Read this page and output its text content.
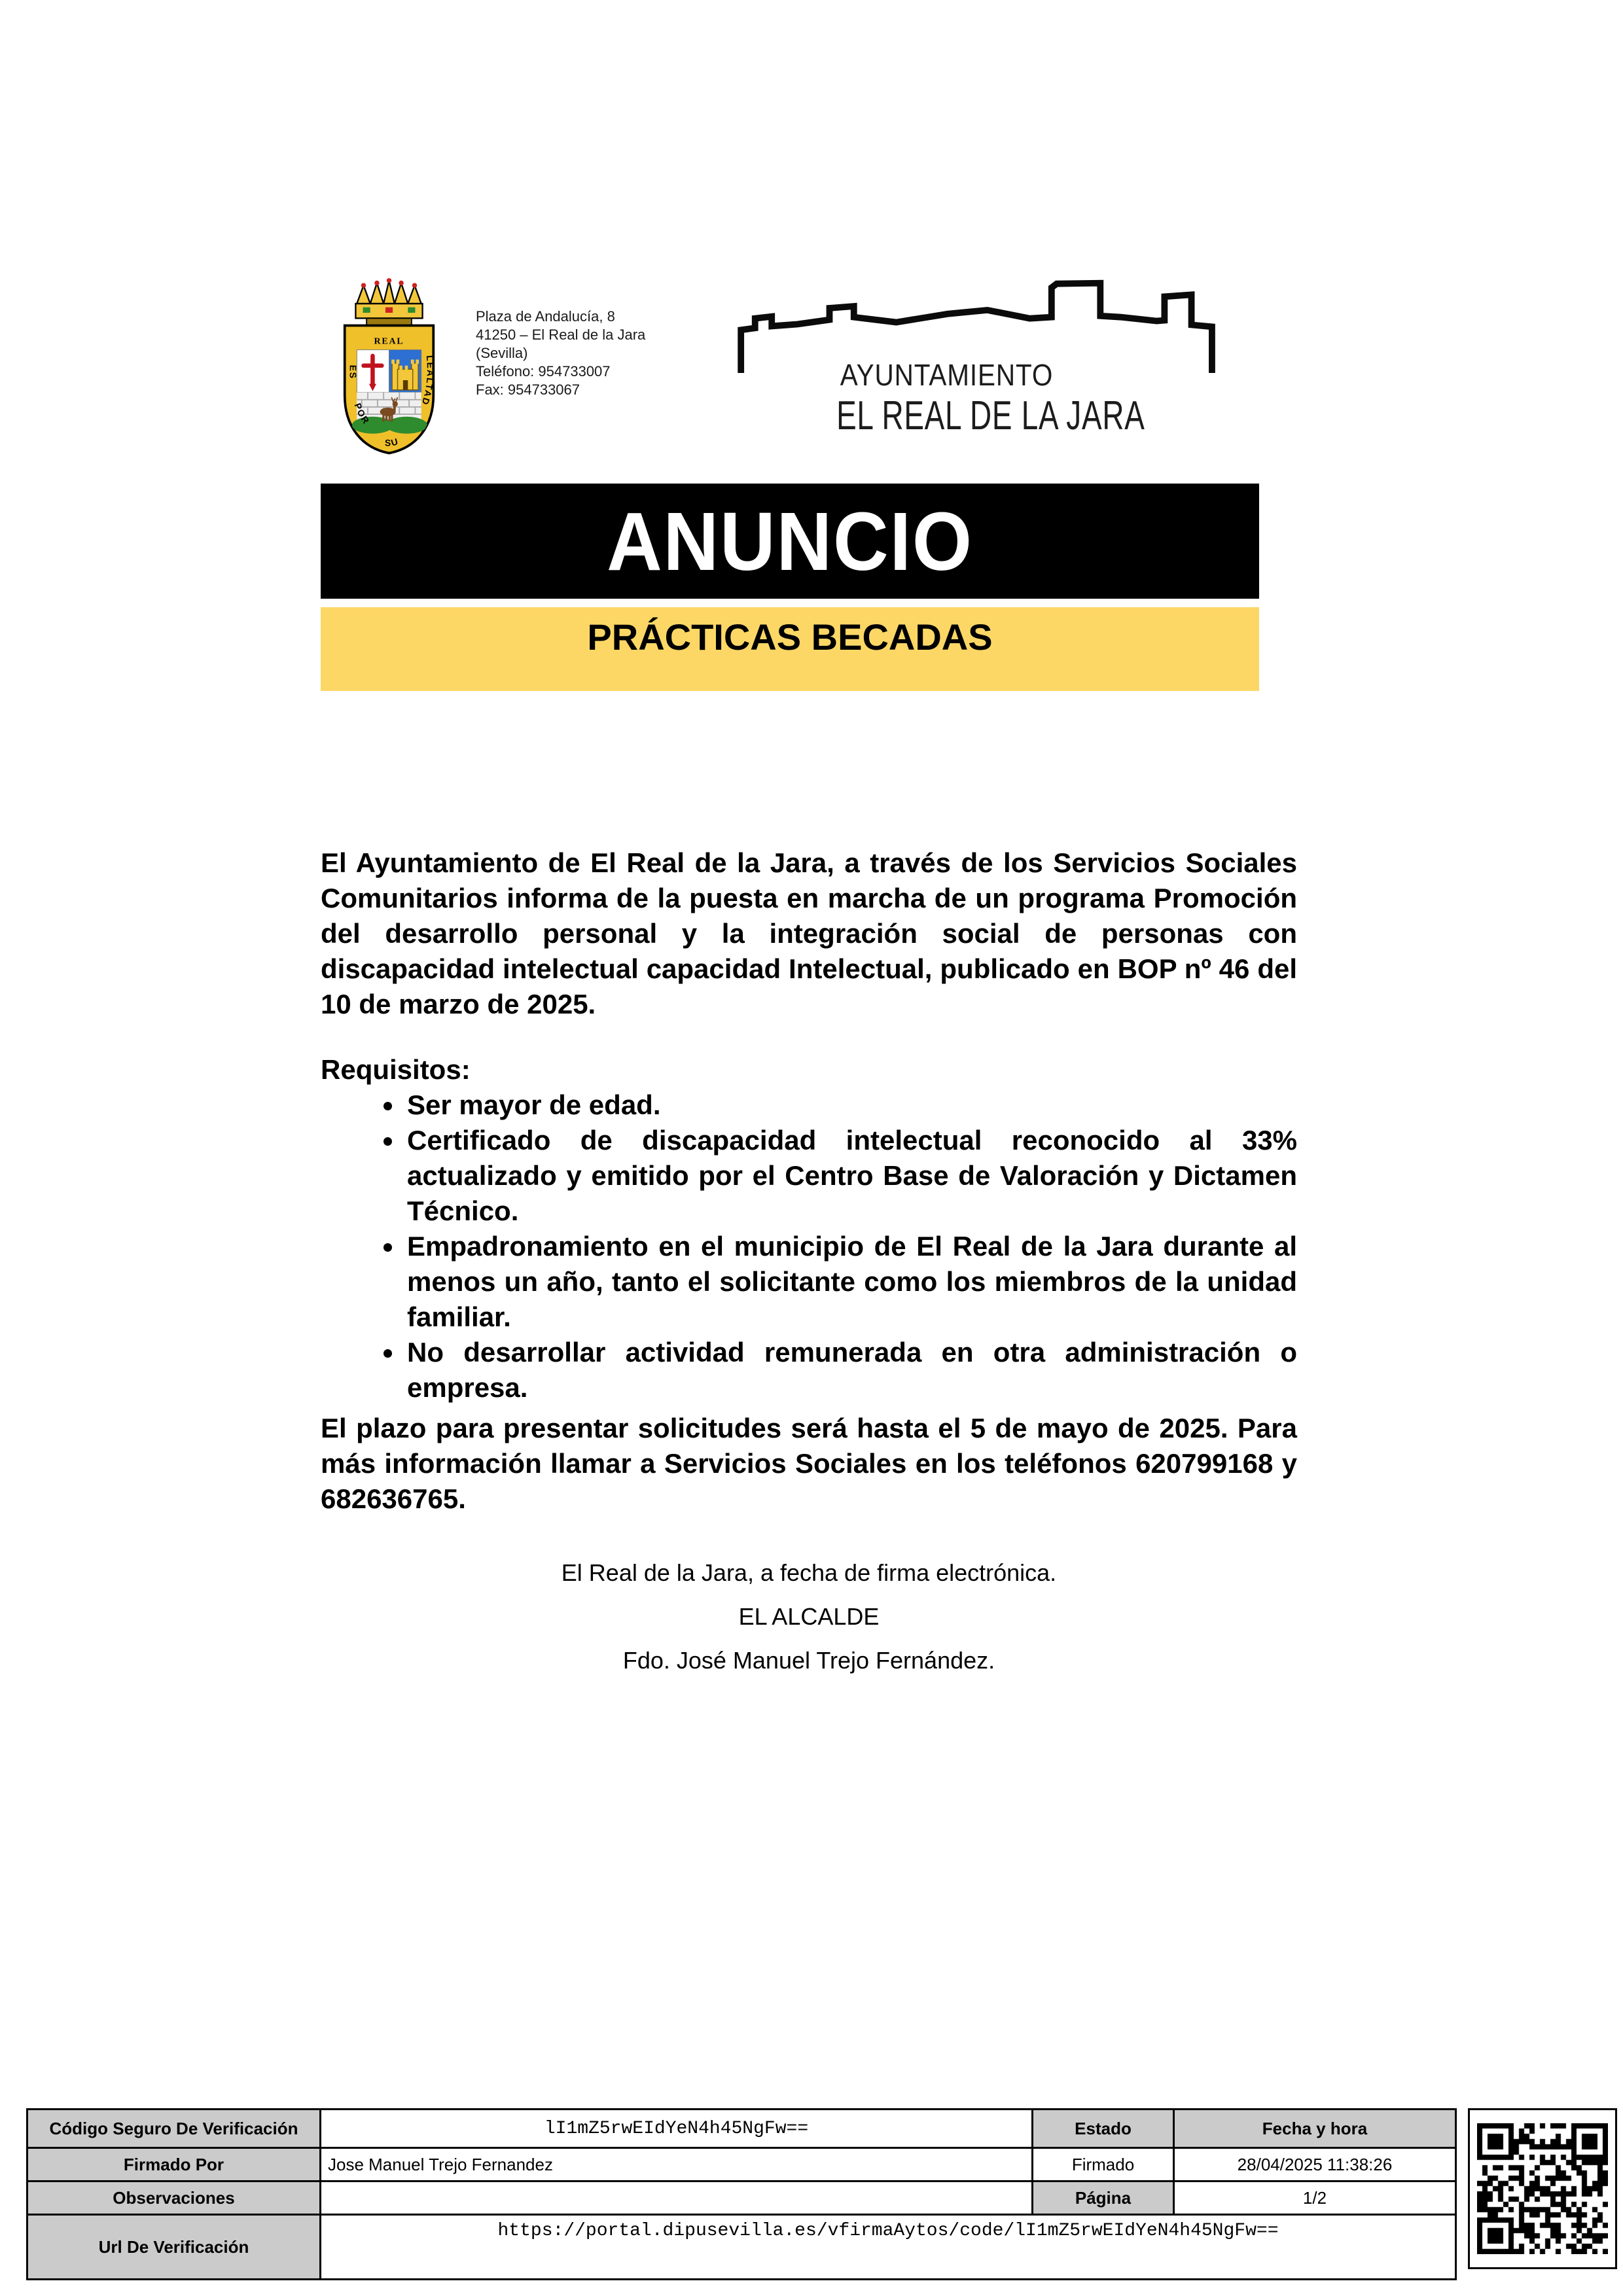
REAL
ES
POR
SU
LEALTAD
Plaza de Andalucía, 8
41250 – El Real de la Jara
(Sevilla)
Teléfono: 954733007
Fax: 954733067	AYUNTAMIENTO
EL REAL DE LA JARA
ANUNCIO
PRÁCTICAS BECADAS

El Ayuntamiento de El Real de la Jara, a través de los Servicios Sociales Comunitarios informa de la puesta en marcha de un programa Promoción del desarrollo personal y la integración social de personas con discapacidad intelectual capacidad Intelectual, publicado en BOP nº 46 del 10 de marzo de 2025.

Requisitos:

• Ser mayor de edad.
• Certificado de discapacidad intelectual reconocido al 33% actualizado y emitido por el Centro Base de Valoración y Dictamen Técnico.
• Empadronamiento en el municipio de El Real de la Jara durante al menos un año, tanto el solicitante como los miembros de la unidad familiar.
• No desarrollar actividad remunerada en otra administración o empresa.

El plazo para presentar solicitudes será hasta el 5 de mayo de 2025. Para más información llamar a Servicios Sociales en los teléfonos 620799168 y 682636765.

El Real de la Jara, a fecha de firma electrónica.

EL ALCALDE

Fdo. José Manuel Trejo Fernández.

Código Seguro De Verificación	lI1mZ5rwEIdYeN4h45NgFw==	Estado	Fecha y hora
Firmado Por	Jose Manuel Trejo Fernandez	Firmado	28/04/2025 11:38:26
Observaciones		Página	1/2
Url De Verificación	https://portal.dipusevilla.es/vfirmaAytos/code/lI1mZ5rwEIdYeN4h45NgFw==		
